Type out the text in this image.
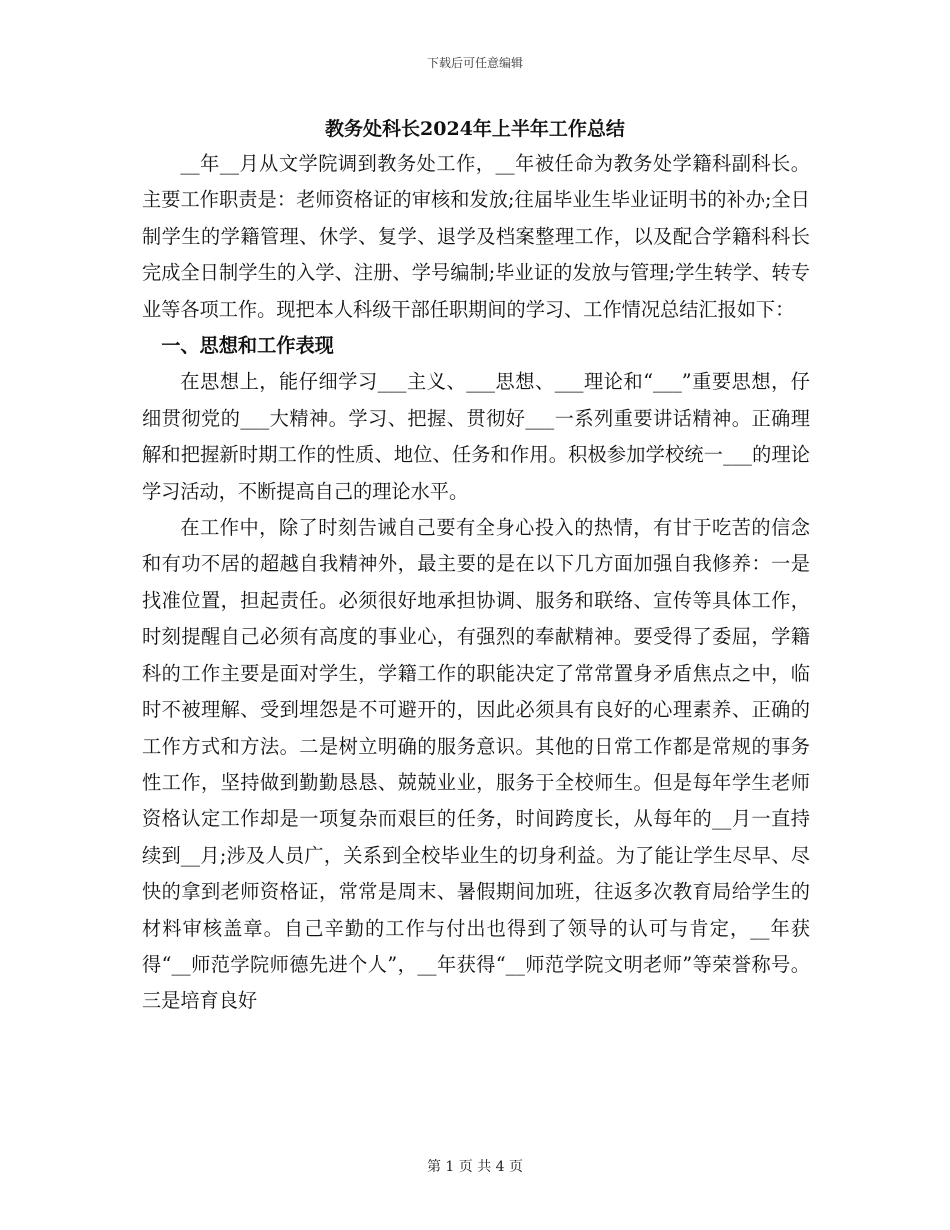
下载后可任意编辑
教务处科长2024年上半年工作总结

__年__月从文学院调到教务处工作，__年被任命为教务处学籍科副科长。主要工作职责是：老师资格证的审核和发放;往届毕业生毕业证明书的补办;全日制学生的学籍管理、休学、复学、退学及档案整理工作，以及配合学籍科科长完成全日制学生的入学、注册、学号编制;毕业证的发放与管理;学生转学、转专业等各项工作。现把本人科级干部任职期间的学习、工作情况总结汇报如下：

一、思想和工作表现

在思想上，能仔细学习___主义、___思想、___理论和“___”重要思想，仔细贯彻党的___大精神。学习、把握、贯彻好___一系列重要讲话精神。正确理解和把握新时期工作的性质、地位、任务和作用。积极参加学校统一___的理论学习活动，不断提高自己的理论水平。

在工作中，除了时刻告诫自己要有全身心投入的热情，有甘于吃苦的信念和有功不居的超越自我精神外，最主要的是在以下几方面加强自我修养：一是找准位置，担起责任。必须很好地承担协调、服务和联络、宣传等具体工作，时刻提醒自己必须有高度的事业心，有强烈的奉献精神。要受得了委屈，学籍科的工作主要是面对学生，学籍工作的职能决定了常常置身矛盾焦点之中，临时不被理解、受到埋怨是不可避开的，因此必须具有良好的心理素养、正确的工作方式和方法。二是树立明确的服务意识。其他的日常工作都是常规的事务性工作，坚持做到勤勤恳恳、兢兢业业，服务于全校师生。但是每年学生老师资格认定工作却是一项复杂而艰巨的任务，时间跨度长，从每年的__月一直持续到__月;涉及人员广，关系到全校毕业生的切身利益。为了能让学生尽早、尽快的拿到老师资格证，常常是周末、暑假期间加班，往返多次教育局给学生的材料审核盖章。自己辛勤的工作与付出也得到了领导的认可与肯定，__年获得“__师范学院师德先进个人”，__年获得“__师范学院文明老师”等荣誉称号。三是培育良好

第 1 页 共 4 页
